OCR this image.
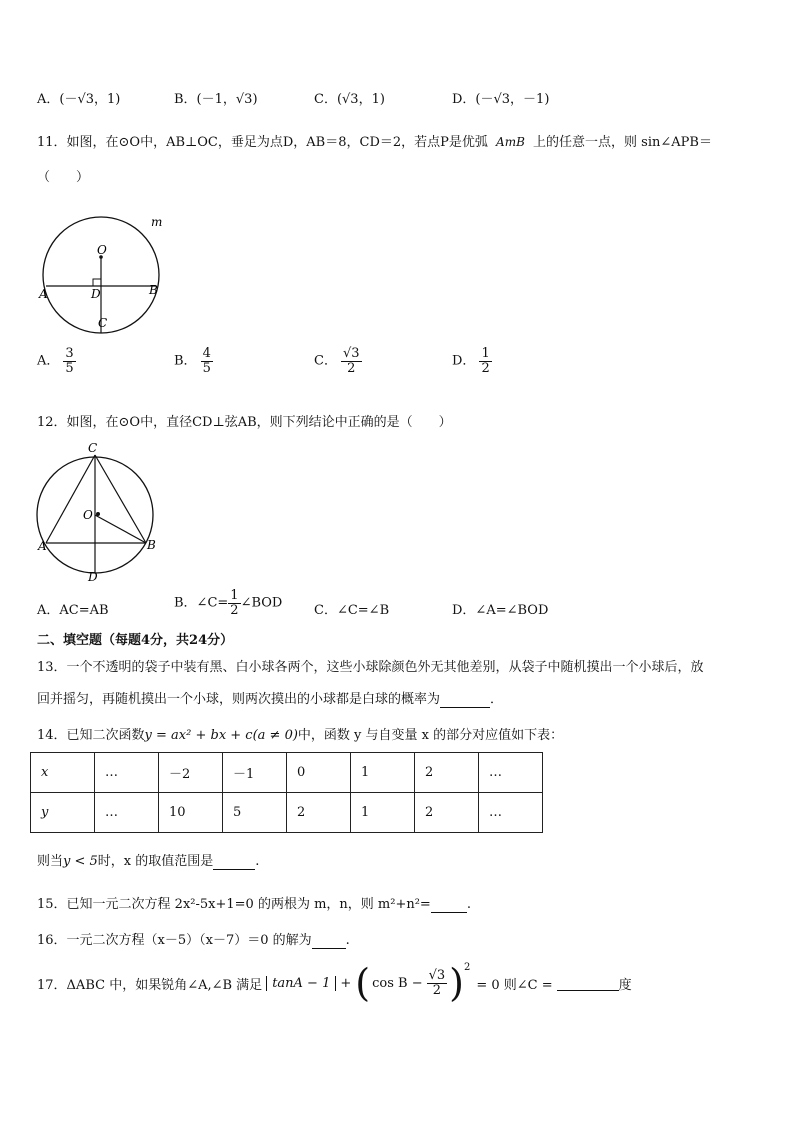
A．(－√3，1)	B．(－1，√3)	C．(√3，1)	D．(－√3，－1)
11．如图，在⊙O中，AB⊥OC，垂足为点D，AB＝8，CD＝2，若点P是优弧 AmB 上的任意一点，则 sin∠APB＝
（　　）
O
m
A	D	B
C
A． $\frac{3}{5}$	B． $\frac{4}{5}$	C． $\frac{√3}{2}$	D． $\frac{1}{2}$
12．如图，在⊙O中，直径CD⊥弦AB，则下列结论中正确的是（　　）
C
O
A	B
D
A．AC=AB	B．∠C= $\frac{1}{2}$ ∠BOD C．∠C=∠B	D．∠A=∠BOD
二、填空题（每题4分，共24分）
13．一个不透明的袋子中装有黑、白小球各两个，这些小球除颜色外无其他差别，从袋子中随机摸出一个小球后，放
回并摇匀，再随机摸出一个小球，则两次摸出的小球都是白球的概率为	．
14．已知二次函数y = ax² + bx + c(a ≠ 0)中，函数 y 与自变量 x 的部分对应值如下表：
x	…	－2	－1	0	1	2	…
y	…	10	5	2	1	2	…
则当y < 5时，x 的取值范围是	.
15．已知一元二次方程 2x²-5x+1=0 的两根为 m，n，则 m²+n²=	.
16．一元二次方程（x－5）（x－7）＝0 的解为	.
17．ΔABC 中，如果锐角∠A,∠B 满足 tanA − 1 + ( $\cos B - \frac{√3}{2} )^2$
= 0 则∠C =
	度
